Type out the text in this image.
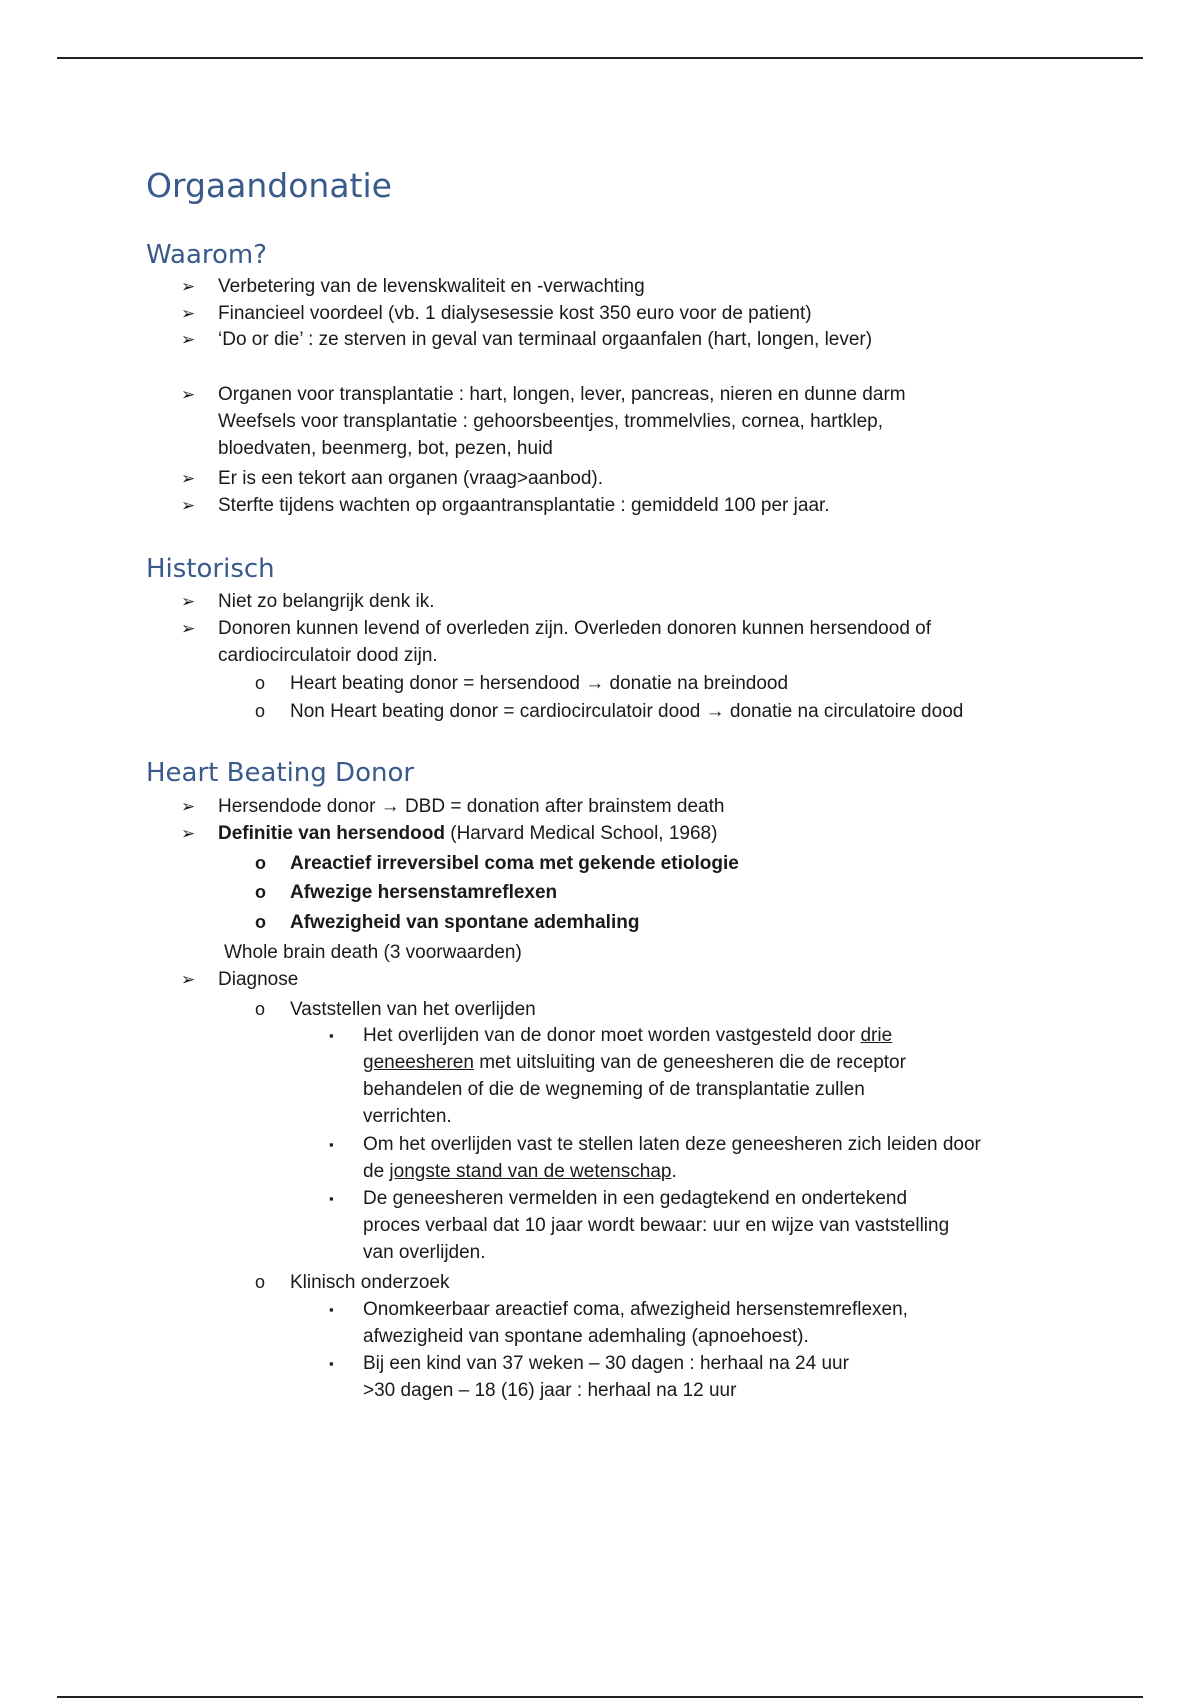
Orgaandonatie
Waarom?
➢ Verbetering van de levenskwaliteit en -verwachting
➢ Financieel voordeel (vb. 1 dialysesessie kost 350 euro voor de patient)
➢ ‘Do or die’ : ze sterven in geval van terminaal orgaanfalen (hart, longen, lever)
➢ Organen voor transplantatie : hart, longen, lever, pancreas, nieren en dunne darm
Weefsels voor transplantatie : gehoorsbeentjes, trommelvlies, cornea, hartklep,
bloedvaten, beenmerg, bot, pezen, huid
➢ Er is een tekort aan organen (vraag>aanbod).
➢ Sterfte tijdens wachten op orgaantransplantatie : gemiddeld 100 per jaar.
Historisch
➢ Niet zo belangrijk denk ik.
➢ Donoren kunnen levend of overleden zijn. Overleden donoren kunnen hersendood of
cardiocirculatoir dood zijn.
o Heart beating donor = hersendood → donatie na breindood
o Non Heart beating donor = cardiocirculatoir dood → donatie na circulatoire dood
Heart Beating Donor
➢ Hersendode donor → DBD = donation after brainstem death
➢ Definitie van hersendood (Harvard Medical School, 1968)
o Areactief irreversibel coma met gekende etiologie
o Afwezige hersenstamreflexen
o Afwezigheid van spontane ademhaling
Whole brain death (3 voorwaarden)
➢ Diagnose
o Vaststellen van het overlijden
▪ Het overlijden van de donor moet worden vastgesteld door drie
geneesheren met uitsluiting van de geneesheren die de receptor
behandelen of die de wegneming of de transplantatie zullen
verrichten.
▪ Om het overlijden vast te stellen laten deze geneesheren zich leiden door
de jongste stand van de wetenschap.
▪ De geneesheren vermelden in een gedagtekend en ondertekend
proces verbaal dat 10 jaar wordt bewaar: uur en wijze van vaststelling
van overlijden.
o Klinisch onderzoek
▪ Onomkeerbaar areactief coma, afwezigheid hersenstemreflexen,
afwezigheid van spontane ademhaling (apnoehoest).
▪ Bij een kind van 37 weken – 30 dagen : herhaal na 24 uur
>30 dagen – 18 (16) jaar : herhaal na 12 uur
